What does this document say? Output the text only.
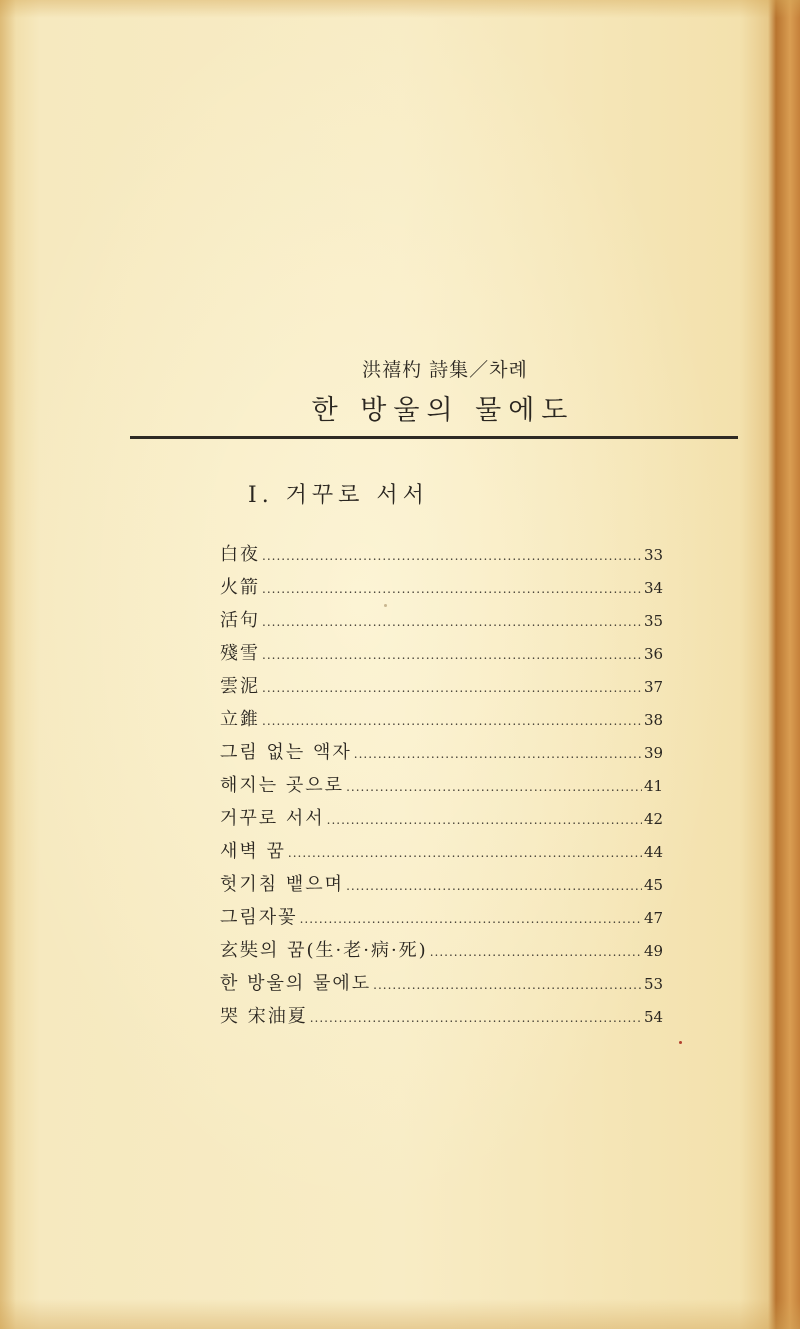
洪禧杓 詩集／차례
한 방울의 물에도
Ⅰ. 거꾸로 서서
白夜 .....	33
火箭 .....	34
活句 .....	35
殘雪 .....	36
雲泥 .....	37
立錐 .....	38
그림 없는 액자 .....	39
해지는 곳으로 .....	41
거꾸로 서서 .....	42
새벽 꿈 .....	44
헛기침 뱉으며 .....	45
그림자꽃 .....	47
玄奘의 꿈(生·老·病·死) .....	49
한 방울의 물에도 .....	53
哭 宋油夏 .....	54
